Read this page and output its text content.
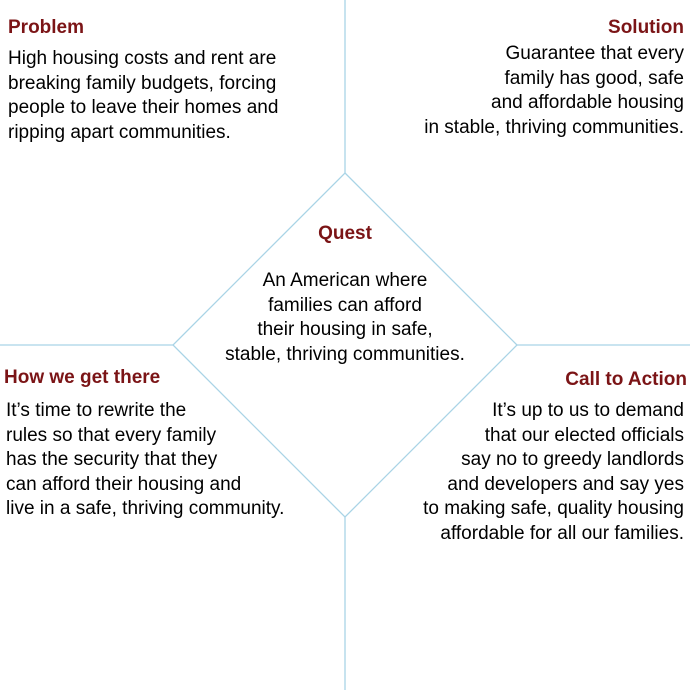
Problem
High housing costs and rent are
breaking family budgets, forcing
people to leave their homes and
ripping apart communities.
Solution
Guarantee that every
family has good, safe
and affordable housing
in stable, thriving communities.
Quest
An American where
families can afford
their housing in safe,
stable, thriving communities.
How we get there
It’s time to rewrite the
rules so that every family
has the security that they
can afford their housing and
live in a safe, thriving community.
Call to Action
It’s up to us to demand
that our elected officials
say no to greedy landlords
and developers and say yes
to making safe, quality housing
affordable for all our families.
